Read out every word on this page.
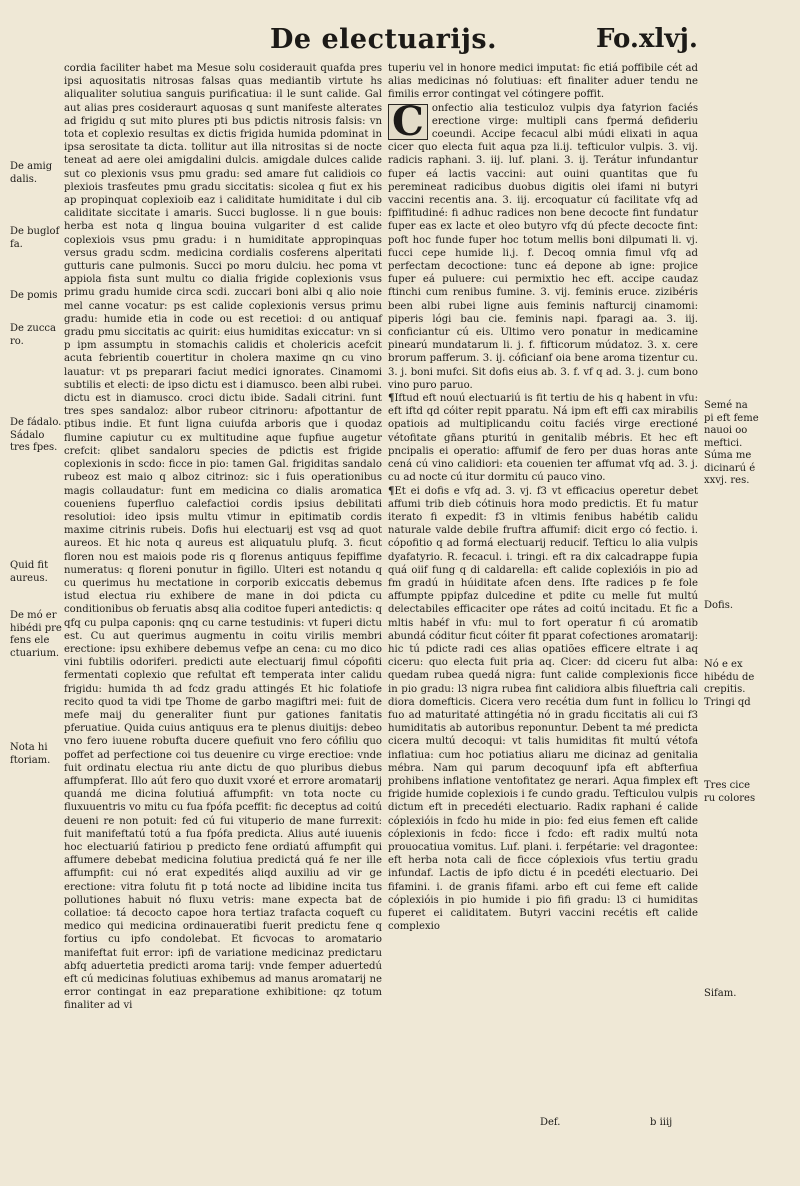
De electuarijs.	Fo.xlvj.

cordia faciliter habet ma Mesue solu cosiderauit quafda pres ipsi aquositatis nitrosas falsas quas mediantib virtute hs aliqualiter solutiua sanguis purificatiua: il le sunt calide. Gal aut alias pres cosideraurt aquosas q sunt manifeste alterates ad frigidu q sut mito plures pti bus pdictis nitrosis falsis: vn tota et coplexio resultas ex dictis frigida humida pdominat in ipsa serositate ta dicta. tollitur aut illa nitrositas si de nocte teneat ad aere olei amigdalini dulcis. amigdale dulces calide sut co plexionis vsus pmu gradu: sed amare fut calidiois co plexiois trasfeutes pmu gradu siccitatis: sicolea q fiut ex his ap propinquat coplexioib eaz i caliditate humiditate i dul cib caliditate siccitate i amaris. Succi buglosse. li n gue bouis: herba est nota q lingua bouina vulgariter d est calide coplexiois vsus pmu gradu: i n humiditate appropinquas versus gradu scdm. medicina cordialis cosferens alperitati gutturis cane pulmonis. Succi po moru dulciu. hec poma vt appiola fista sunt multu co dialia frigide coplexionis vsus primu gradu humide circa scdi. zuccari boni albi q alio noie mel canne vocatur: ps est calide coplexionis versus primu gradu: humide etia in code ou est recetioi: d ou antiquaf gradu pmu siccitatis ac quirit: eius humiditas exiccatur: vn si p ipm assumptu in stomachis calidis et cholericis acefcit acuta febrientib couertitur in cholera maxime qn cu vino lauatur: vt ps preparari faciut medici ignorates. Cinamomi subtilis et electi: de ipso dictu est i diamusco. been albi rubei. dictu est in diamusco. croci dictu ibide. Sadali citrini. funt tres spes sandaloz: albor rubeor citrinoru: afpottantur de ptibus indie. Et funt ligna cuiufda arboris que i quodaz flumine capiutur cu ex multitudine aque fupfiue augetur crefcit: qlibet sandaloru species de pdictis est frigide coplexionis in scdo: ficce in pio: tamen Gal. frigiditas sandalo rubeoz est maio q alboz citrinoz: sic i fuis operationibus magis collaudatur: funt em medicina co dialis aromatica coueniens fuperfluo calefactioi cordis ipsius debilitati resolutioi: ideo ipsis multu vtimur in epitimatib cordis maxime citrinis rubeis. Dofis hui electuarij est vsq ad quot aureos. Et hic nota q aureus est aliquatulu plufq. 3. ficut floren nou est maiois pode ris q florenus antiquus fepiffime numeratus: q floreni ponutur in figillo. Ulteri est notandu q cu querimus hu mectatione in corporib exiccatis debemus istud electua riu exhibere de mane in doi pdicta cu conditionibus ob feruatis absq alia coditoe fuperi antedictis: q qfq cu pulpa caponis: qnq cu carne testudinis: vt fuperi dictu est. Cu aut querimus augmentu in coitu virilis membri erectione: ipsu exhibere debemus vefpe an cena: cu mo dico vini fubtilis odoriferi. predicti aute electuarij fimul cópofiti fermentati coplexio que refultat eft temperata inter calidu frigidu: humida th ad fcdz gradu attingés Et hic folatiofe recito quod ta vidi tpe Thome de garbo magiftri mei: fuit de mefe maij du generaliter fiunt pur gationes fanitatis pferuatiue. Quida cuius antiquus era te plenus diuitijs: debeo vno fero iuuene robufta ducere quefiuit vno fero cófiliu quo poffet ad perfectione coi tus deuenire cu virge erectioe: vnde fuit ordinatu electua riu ante dictu de quo pluribus diebus affumpferat. Illo aút fero quo duxit vxoré et errore aromatarij quandá me dicina folutiuá affumpfit: vn tota nocte cu fluxuuentris vo mitu cu fua fpófa pceffit: fic deceptus ad coitú deueni re non potuit: fed cú fui vituperio de mane furrexit: fuit manifeftatú totú a fua fpófa predicta. Alius auté iuuenis hoc electuariú fatiriou p predicto fene ordiatú affumpfit qui affumere debebat medicina folutiua predictá quá fe ner ille affumpfit: cui nó erat expedités aliqd auxiliu ad vir ge erectione: vitra folutu fit p totá nocte ad libidine incita tus pollutiones habuit nó fluxu vetris: mane expecta bat de collatioe: tá decocto capoe hora tertiaz trafacta coqueft cu medico qui medicina ordinaueratibi fuerit predictu fene q fortius cu ipfo condolebat. Et ficvocas to aromatario manifeftat fuit error: ipfi de variatione medicinaz predictaru abfq aduertetia predicti aroma tarij: vnde femper aduertedú eft cú medicinas folutiuas exhibemus ad manus aromatarij ne error contingat in eaz preparatione exhibitione: qz totum finaliter ad vi

tuperiu vel in honore medici imputat: fic etiá poffibile cét ad alias medicinas nó folutiuas: eft finaliter aduer tendu ne fimilis error contingat vel cótingere poffit.

C onfectio alia testiculoz vulpis dya fatyrion faciés erectione virge: multipli cans fpermá defideriu coeundi. Accipe fecacul albi múdi elixati in aqua cicer quo electa fuit aqua pza li.ij. tefticulor vulpis. 3. vij. radicis raphani. 3. iij. luf. plani. 3. ij. Terátur infundantur fuper eá lactis vaccini: aut ouini quantitas que fu peremineat radicibus duobus digitis olei ifami ni butyri vaccini recentis ana. 3. iij. ercoquatur cú facilitate vfq ad fpiffitudiné: fi adhuc radices non bene decocte fint fundatur fuper eas ex lacte et oleo butyro vfq dú pfecte decocte fint: poft hoc funde fuper hoc totum mellis boni dilpumati li. vj. fucci cepe humide li.j. f. Decoq omnia fimul vfq ad perfectam decoctione: tunc eá depone ab igne: projice fuper eá puluere: cui permixtio hec eft. accipe caudaz ftinchi cum renibus fumine. 3. vij. feminis eruce. zizibéris been albi rubei ligne auis feminis nafturcij cinamomi: piperis lógi bau cie. feminis napi. fparagi aa. 3. iij. conficiantur cú eis. Ultimo vero ponatur in medicamine pinearú mundatarum li. j. f. fifticorum múdatoz. 3. x. cere brorum pafferum. 3. ij. cóficianf oia bene aroma tizentur cu. 3. j. boni mufci. Sit dofis eius ab. 3. f. vf q ad. 3. j. cum bono vino puro paruo.

¶Iftud eft nouú electuariú is fit tertiu de his q habent in vfu: eft iftd qd cóiter repit pparatu. Ná ipm eft effi cax mirabilis opatiois ad multiplicandu coitu faciés virge erectioné vétofitate gñans pturitú in genitalib mébris. Et hec eft pncipalis ei operatio: affumif de fero per duas horas ante cená cú vino calidiori: eta couenien ter affumat vfq ad. 3. j. cu ad nocte cú itur dormitu cú pauco vino.

¶Et ei dofis e vfq ad. 3. vj. f3 vt efficacius operetur debet affumi trib dieb cótinuis hora modo predictis. Et fu matur iterato fi expedit: f3 in vltimis fenibus habétib calidu naturale valde debile fruftra affumif: dicit ergo có fectio. i. cópofitio q ad formá electuarij reducif. Tefticu lo alia vulpis dyafatyrio. R. fecacul. i. tringi. eft ra dix calcadrappe fupia quá oiif fung q di caldarella: eft calide coplexióis in pio ad fm gradú in húiditate afcen dens. Ifte radices p fe fole affumpte ppipfaz dulcedine et pdite cu melle fut multú delectabiles efficaciter ope rátes ad coitú incitadu. Et fic a mltis habéf in vfu: mul to fort operatur fi cú aromatib abundá códitur ficut cóiter fit pparat cofectiones aromatarij: hic tú pdicte radi ces alias opatiões efficere eltrate i aq ciceru: quo electa fuit pria aq. Cicer: dd ciceru fut alba: quedam rubea quedá nigra: funt calide complexionis ficce in pio gradu: l3 nigra rubea fint calidiora albis filueftria cali diora domefticis. Cicera vero recétia dum funt in follicu lo fuo ad maturitaté attingétia nó in gradu ficcitatis ali cui f3 humiditatis ab autoribus reponuntur. Debent ta mé predicta cicera multú decoqui: vt talis humiditas fit multú vétofa inflatiua: cum hoc potiatius aliaru me dicinaz ad genitalia mébra. Nam qui parum decoquunf ipfa eft abfterfiua prohibens inflatione ventofitatez ge nerari. Aqua fimplex eft frigide humide coplexiois i fe cundo gradu. Tefticulou vulpis dictum eft in precedéti electuario. Radix raphani é calide cóplexióis in fcdo hu mide in pio: fed eius femen eft calide cóplexionis in fcdo: ficce i fcdo: eft radix multú nota prouocatiua vomitus. Luf. plani. i. ferpétarie: vel dragontee: eft herba nota cali de ficce cóplexiois vfus tertiu gradu infundaf. Lactis de ipfo dictu é in pcedéti electuario. Dei fifamini. i. de granis fifami. arbo eft cui feme eft calide cóplexióis in pio humide i pio fifi gradu: l3 ci humiditas fuperet ei caliditatem. Butyri vaccini recétis eft calide complexio

Def.	b iiij
De amig
dalis.
De buglof
fa.
De pomis
De zucca
ro.
De fádalo.
Sádalo
tres fpes.
Quid fit
aureus.
De mó er
hibédi pre
fens ele
ctuarium.
Nota hi
ftoriam.
Semé na
pi eft feme
nauoi oo
meftici.
Súma me
dicinarú é
xxvj. res.
Dofis.
Nó e ex
hibédu de
crepitis.
Tringi qd
Tres cice
ru colores
Sifam.
